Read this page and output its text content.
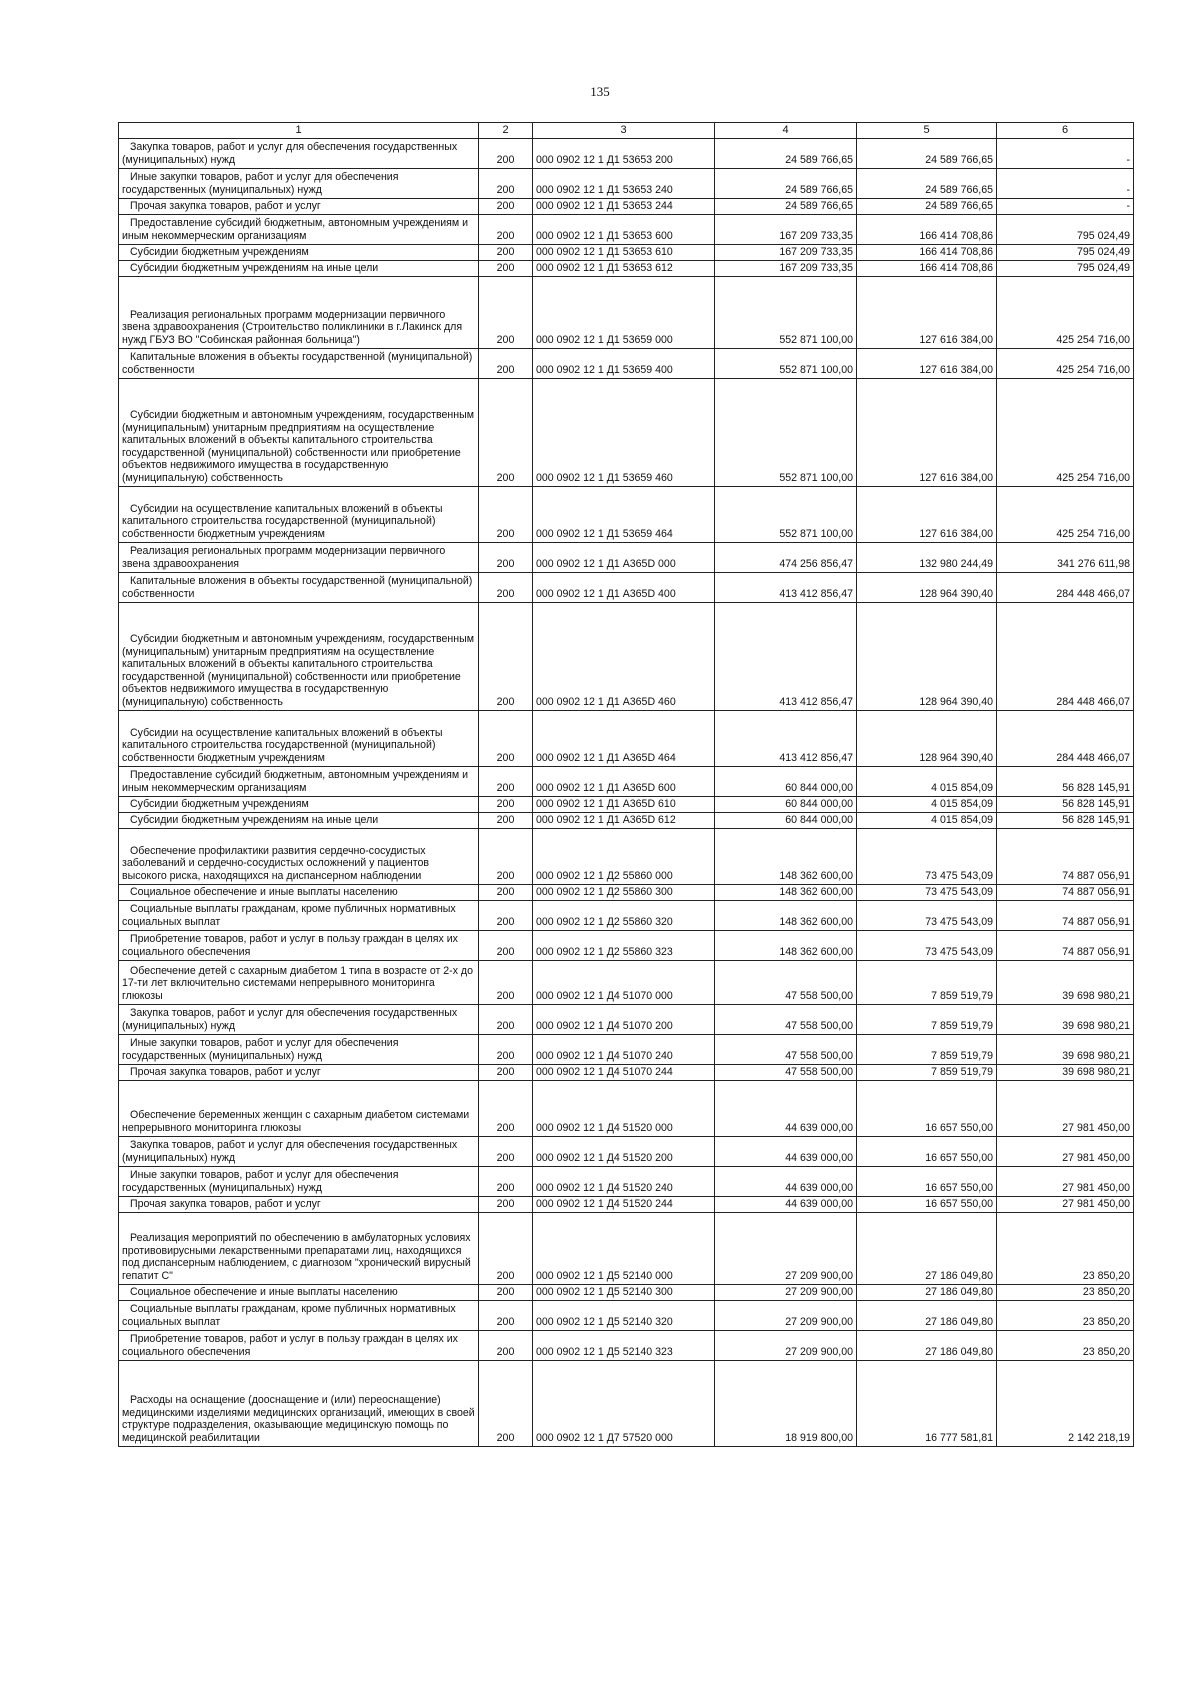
135
1	2	3	4	5	6

Закупка товаров, работ и услуг для обеспечения государственных (муниципальных) нужд	200	000 0902 12 1 Д1 53653 200	24 589 766,65	24 589 766,65	-

Иные закупки товаров, работ и услуг для обеспечения государственных (муниципальных) нужд	200	000 0902 12 1 Д1 53653 240	24 589 766,65	24 589 766,65	-

Прочая закупка товаров, работ и услуг	200	000 0902 12 1 Д1 53653 244	24 589 766,65	24 589 766,65	-

Предоставление субсидий бюджетным, автономным учреждениям и иным некоммерческим организациям	200	000 0902 12 1 Д1 53653 600	167 209 733,35	166 414 708,86	795 024,49

Субсидии бюджетным учреждениям	200	000 0902 12 1 Д1 53653 610	167 209 733,35	166 414 708,86	795 024,49

Субсидии бюджетным учреждениям на иные цели	200	000 0902 12 1 Д1 53653 612	167 209 733,35	166 414 708,86	795 024,49

Реализация региональных программ модернизации первичного звена здравоохранения (Строительство поликлиники в г.Лакинск для нужд ГБУЗ ВО "Собинская районная больница")	200	000 0902 12 1 Д1 53659 000	552 871 100,00	127 616 384,00	425 254 716,00

Капитальные вложения в объекты государственной (муниципальной) собственности	200	000 0902 12 1 Д1 53659 400	552 871 100,00	127 616 384,00	425 254 716,00

Субсидии бюджетным и автономным учреждениям, государственным (муниципальным) унитарным предприятиям на осуществление капитальных вложений в объекты капитального строительства государственной (муниципальной) собственности или приобретение объектов недвижимого имущества в государственную (муниципальную) собственность	200	000 0902 12 1 Д1 53659 460	552 871 100,00	127 616 384,00	425 254 716,00

Субсидии на осуществление капитальных вложений в объекты капитального строительства государственной (муниципальной) собственности бюджетным учреждениям	200	000 0902 12 1 Д1 53659 464	552 871 100,00	127 616 384,00	425 254 716,00

Реализация региональных программ модернизации первичного звена здравоохранения	200	000 0902 12 1 Д1 А365D 000	474 256 856,47	132 980 244,49	341 276 611,98

Капитальные вложения в объекты государственной (муниципальной) собственности	200	000 0902 12 1 Д1 А365D 400	413 412 856,47	128 964 390,40	284 448 466,07

Субсидии бюджетным и автономным учреждениям, государственным (муниципальным) унитарным предприятиям на осуществление капитальных вложений в объекты капитального строительства государственной (муниципальной) собственности или приобретение объектов недвижимого имущества в государственную (муниципальную) собственность	200	000 0902 12 1 Д1 А365D 460	413 412 856,47	128 964 390,40	284 448 466,07

Субсидии на осуществление капитальных вложений в объекты капитального строительства государственной (муниципальной) собственности бюджетным учреждениям	200	000 0902 12 1 Д1 А365D 464	413 412 856,47	128 964 390,40	284 448 466,07

Предоставление субсидий бюджетным, автономным учреждениям и иным некоммерческим организациям	200	000 0902 12 1 Д1 А365D 600	60 844 000,00	4 015 854,09	56 828 145,91

Субсидии бюджетным учреждениям	200	000 0902 12 1 Д1 А365D 610	60 844 000,00	4 015 854,09	56 828 145,91

Субсидии бюджетным учреждениям на иные цели	200	000 0902 12 1 Д1 А365D 612	60 844 000,00	4 015 854,09	56 828 145,91

Обеспечение профилактики развития сердечно-сосудистых заболеваний и сердечно-сосудистых осложнений у пациентов высокого риска, находящихся на диспансерном наблюдении	200	000 0902 12 1 Д2 55860 000	148 362 600,00	73 475 543,09	74 887 056,91

Социальное обеспечение и иные выплаты населению	200	000 0902 12 1 Д2 55860 300	148 362 600,00	73 475 543,09	74 887 056,91

Социальные выплаты гражданам, кроме публичных нормативных социальных выплат	200	000 0902 12 1 Д2 55860 320	148 362 600,00	73 475 543,09	74 887 056,91

Приобретение товаров, работ и услуг в пользу граждан в целях их социального обеспечения	200	000 0902 12 1 Д2 55860 323	148 362 600,00	73 475 543,09	74 887 056,91

Обеспечение детей с сахарным диабетом 1 типа в возрасте от 2-х до 17-ти лет включительно системами непрерывного мониторинга глюкозы	200	000 0902 12 1 Д4 51070 000	47 558 500,00	7 859 519,79	39 698 980,21

Закупка товаров, работ и услуг для обеспечения государственных (муниципальных) нужд	200	000 0902 12 1 Д4 51070 200	47 558 500,00	7 859 519,79	39 698 980,21

Иные закупки товаров, работ и услуг для обеспечения государственных (муниципальных) нужд	200	000 0902 12 1 Д4 51070 240	47 558 500,00	7 859 519,79	39 698 980,21

Прочая закупка товаров, работ и услуг	200	000 0902 12 1 Д4 51070 244	47 558 500,00	7 859 519,79	39 698 980,21

Обеспечение беременных женщин с сахарным диабетом системами непрерывного мониторинга глюкозы	200	000 0902 12 1 Д4 51520 000	44 639 000,00	16 657 550,00	27 981 450,00

Закупка товаров, работ и услуг для обеспечения государственных (муниципальных) нужд	200	000 0902 12 1 Д4 51520 200	44 639 000,00	16 657 550,00	27 981 450,00

Иные закупки товаров, работ и услуг для обеспечения государственных (муниципальных) нужд	200	000 0902 12 1 Д4 51520 240	44 639 000,00	16 657 550,00	27 981 450,00

Прочая закупка товаров, работ и услуг	200	000 0902 12 1 Д4 51520 244	44 639 000,00	16 657 550,00	27 981 450,00

Реализация мероприятий по обеспечению в амбулаторных условиях противовирусными лекарственными препаратами лиц, находящихся под диспансерным наблюдением, с диагнозом "хронический вирусный гепатит С"	200	000 0902 12 1 Д5 52140 000	27 209 900,00	27 186 049,80	23 850,20

Социальное обеспечение и иные выплаты населению	200	000 0902 12 1 Д5 52140 300	27 209 900,00	27 186 049,80	23 850,20

Социальные выплаты гражданам, кроме публичных нормативных социальных выплат	200	000 0902 12 1 Д5 52140 320	27 209 900,00	27 186 049,80	23 850,20

Приобретение товаров, работ и услуг в пользу граждан в целях их социального обеспечения	200	000 0902 12 1 Д5 52140 323	27 209 900,00	27 186 049,80	23 850,20

Расходы на оснащение (дооснащение и (или) переоснащение) медицинскими изделиями медицинских организаций, имеющих в своей структуре подразделения, оказывающие медицинскую помощь по медицинской реабилитации	200	000 0902 12 1 Д7 57520 000	18 919 800,00	16 777 581,81	2 142 218,19
